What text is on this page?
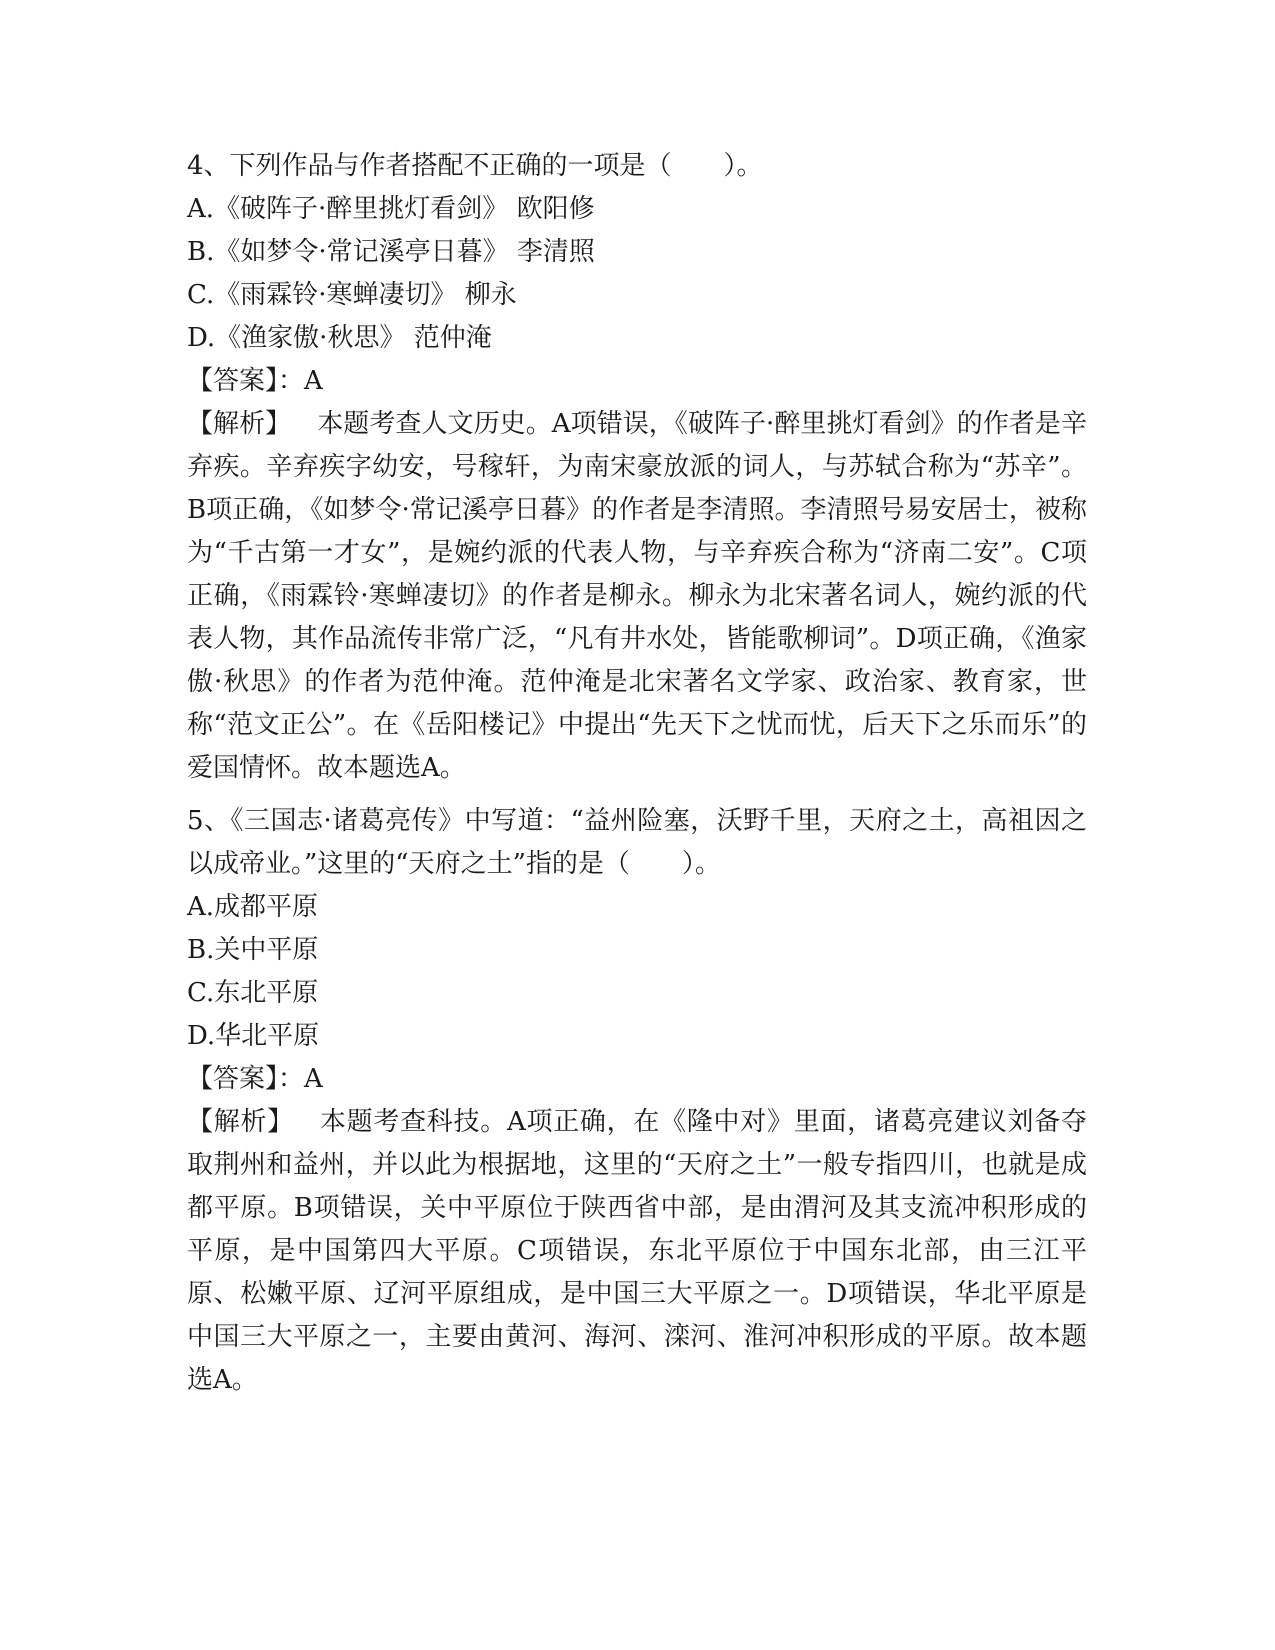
4、下列作品与作者搭配不正确的一项是（　　）。

A.《破阵子·醉里挑灯看剑》 欧阳修

B.《如梦令·常记溪亭日暮》 李清照

C.《雨霖铃·寒蝉凄切》 柳永

D.《渔家傲·秋思》 范仲淹

【答案】：A

【解析】 本题考查人文历史。A项错误，《破阵子·醉里挑灯看剑》的作者是辛弃疾。辛弃疾字幼安，号稼轩，为南宋豪放派的词人，与苏轼合称为“苏辛”。B项正确，《如梦令·常记溪亭日暮》的作者是李清照。李清照号易安居士，被称为“千古第一才女”，是婉约派的代表人物，与辛弃疾合称为“济南二安”。C项正确，《雨霖铃·寒蝉凄切》的作者是柳永。柳永为北宋著名词人，婉约派的代表人物，其作品流传非常广泛，“凡有井水处，皆能歌柳词”。D项正确，《渔家傲·秋思》的作者为范仲淹。范仲淹是北宋著名文学家、政治家、教育家，世称“范文正公”。在《岳阳楼记》中提出“先天下之忧而忧，后天下之乐而乐”的爱国情怀。故本题选A。

5、《三国志·诸葛亮传》中写道：“益州险塞，沃野千里，天府之土，高祖因之以成帝业。”这里的“天府之土”指的是（　　）。

A.成都平原

B.关中平原

C.东北平原

D.华北平原

【答案】：A

【解析】 本题考查科技。A项正确，在《隆中对》里面，诸葛亮建议刘备夺取荆州和益州，并以此为根据地，这里的“天府之土”一般专指四川，也就是成都平原。B项错误，关中平原位于陕西省中部，是由渭河及其支流冲积形成的平原，是中国第四大平原。C项错误，东北平原位于中国东北部，由三江平原、松嫩平原、辽河平原组成，是中国三大平原之一。D项错误，华北平原是中国三大平原之一，主要由黄河、海河、滦河、淮河冲积形成的平原。故本题选A。
